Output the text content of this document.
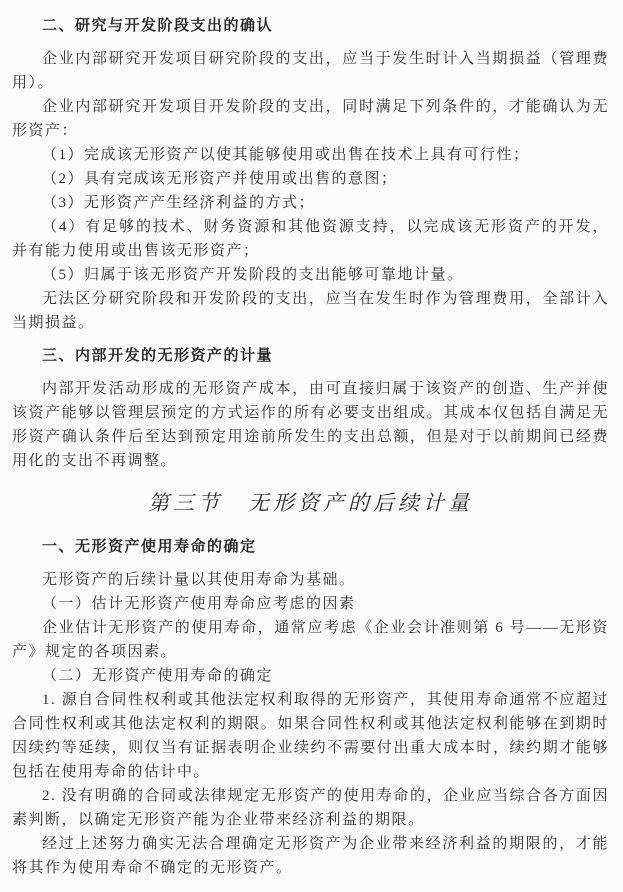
二、研究与开发阶段支出的确认

企业内部研究开发项目研究阶段的支出，应当于发生时计入当期损益（管理费用）。

企业内部研究开发项目开发阶段的支出，同时满足下列条件的，才能确认为无形资产：

（1）完成该无形资产以使其能够使用或出售在技术上具有可行性；

（2）具有完成该无形资产并使用或出售的意图；

（3）无形资产产生经济利益的方式；

（4）有足够的技术、财务资源和其他资源支持，以完成该无形资产的开发，并有能力使用或出售该无形资产；

（5）归属于该无形资产开发阶段的支出能够可靠地计量。

无法区分研究阶段和开发阶段的支出，应当在发生时作为管理费用，全部计入当期损益。

三、内部开发的无形资产的计量

内部开发活动形成的无形资产成本，由可直接归属于该资产的创造、生产并使该资产能够以管理层预定的方式运作的所有必要支出组成。其成本仅包括自满足无形资产确认条件后至达到预定用途前所发生的支出总额，但是对于以前期间已经费用化的支出不再调整。

第三节　无形资产的后续计量
一、无形资产使用寿命的确定

无形资产的后续计量以其使用寿命为基础。

（一）估计无形资产使用寿命应考虑的因素

企业估计无形资产的使用寿命，通常应考虑《企业会计准则第 6 号——无形资产》规定的各项因素。

（二）无形资产使用寿命的确定

1. 源自合同性权利或其他法定权利取得的无形资产，其使用寿命通常不应超过合同性权利或其他法定权利的期限。如果合同性权利或其他法定权利能够在到期时因续约等延续，则仅当有证据表明企业续约不需要付出重大成本时，续约期才能够包括在使用寿命的估计中。

2. 没有明确的合同或法律规定无形资产的使用寿命的，企业应当综合各方面因素判断，以确定无形资产能为企业带来经济利益的期限。

经过上述努力确实无法合理确定无形资产为企业带来经济利益的期限的，才能将其作为使用寿命不确定的无形资产。
